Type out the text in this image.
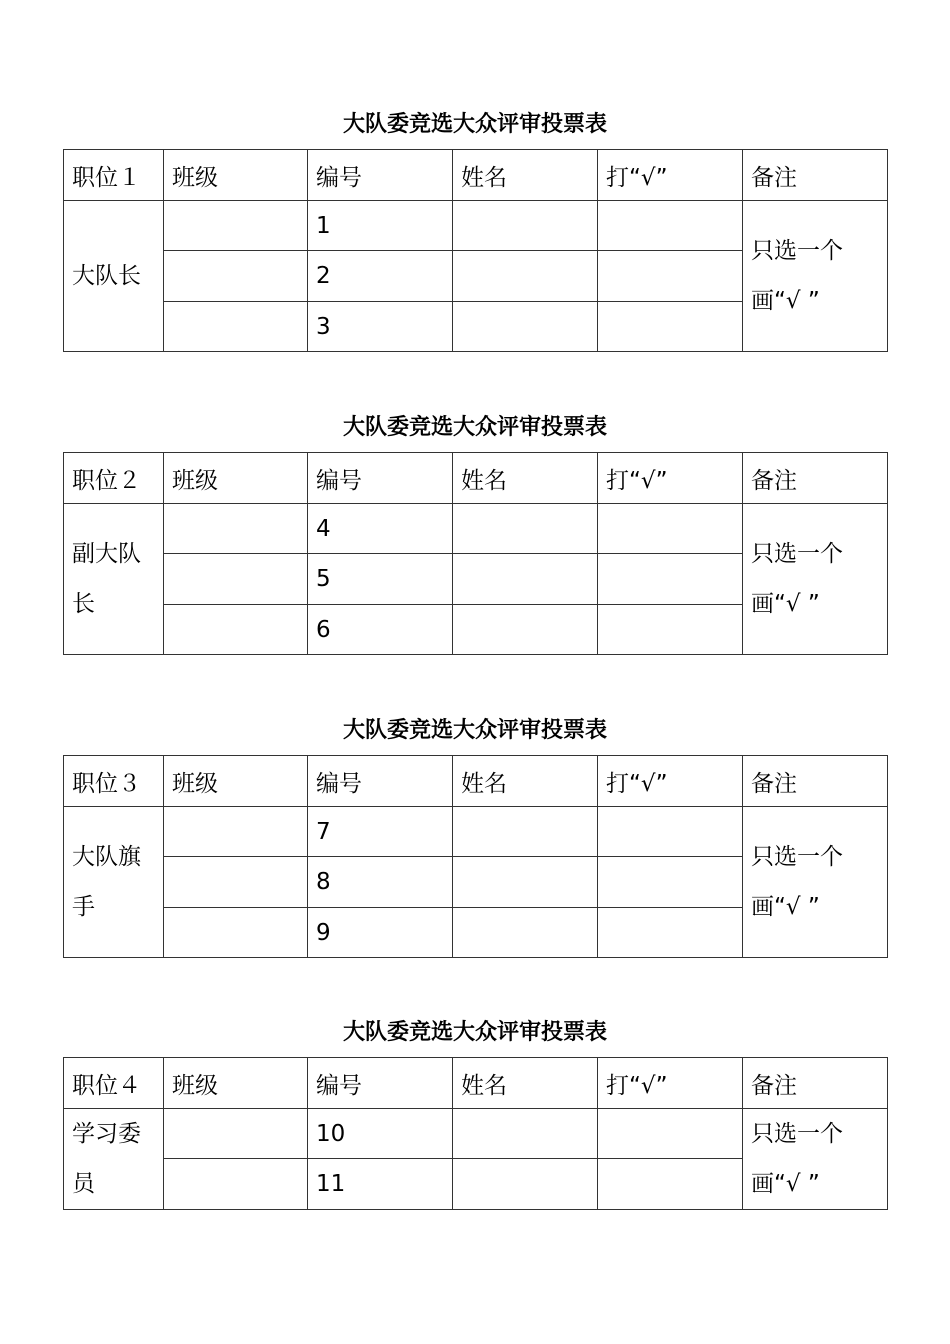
大队委竞选大众评审投票表
职位１	班级	编号	姓名	打“√”	备注
大队长		1			只选一个画“√ ”
		2			
		3			
大队委竞选大众评审投票表
职位２	班级	编号	姓名	打“√”	备注
副大队长		4			只选一个画“√ ”
		5			
		6			
大队委竞选大众评审投票表
职位３	班级	编号	姓名	打“√”	备注
大队旗手		7			只选一个画“√ ”
		8			
		9			
大队委竞选大众评审投票表
职位４	班级	编号	姓名	打“√”	备注
学习委员		10			只选一个画“√ ”
		11			
